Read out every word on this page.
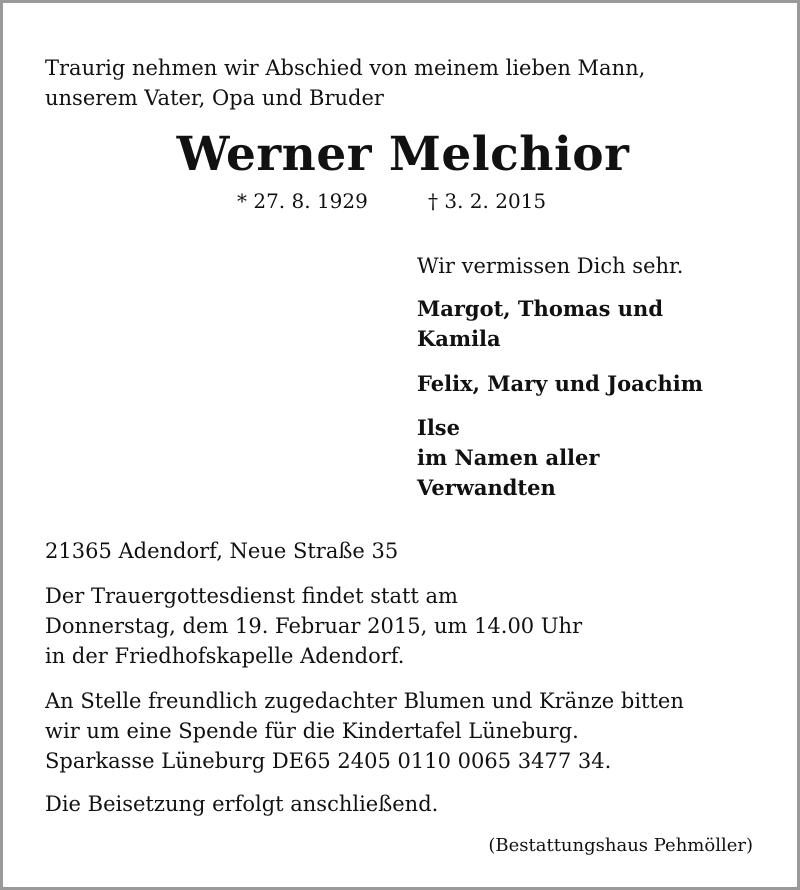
Traurig nehmen wir Abschied von meinem lieben Mann,
unserem Vater, Opa und Bruder
Werner Melchior
* 27. 8. 1929	† 3. 2. 2015
Wir vermissen Dich sehr.
Margot, Thomas und
Kamila
Felix, Mary und Joachim
Ilse
im Namen aller
Verwandten
21365 Adendorf, Neue Straße 35
Der Trauergottesdienst findet statt am
Donnerstag, dem 19. Februar 2015, um 14.00 Uhr
in der Friedhofskapelle Adendorf.
An Stelle freundlich zugedachter Blumen und Kränze bitten
wir um eine Spende für die Kindertafel Lüneburg.
Sparkasse Lüneburg DE65 2405 0110 0065 3477 34.
Die Beisetzung erfolgt anschließend.
(Bestattungshaus Pehmöller)
